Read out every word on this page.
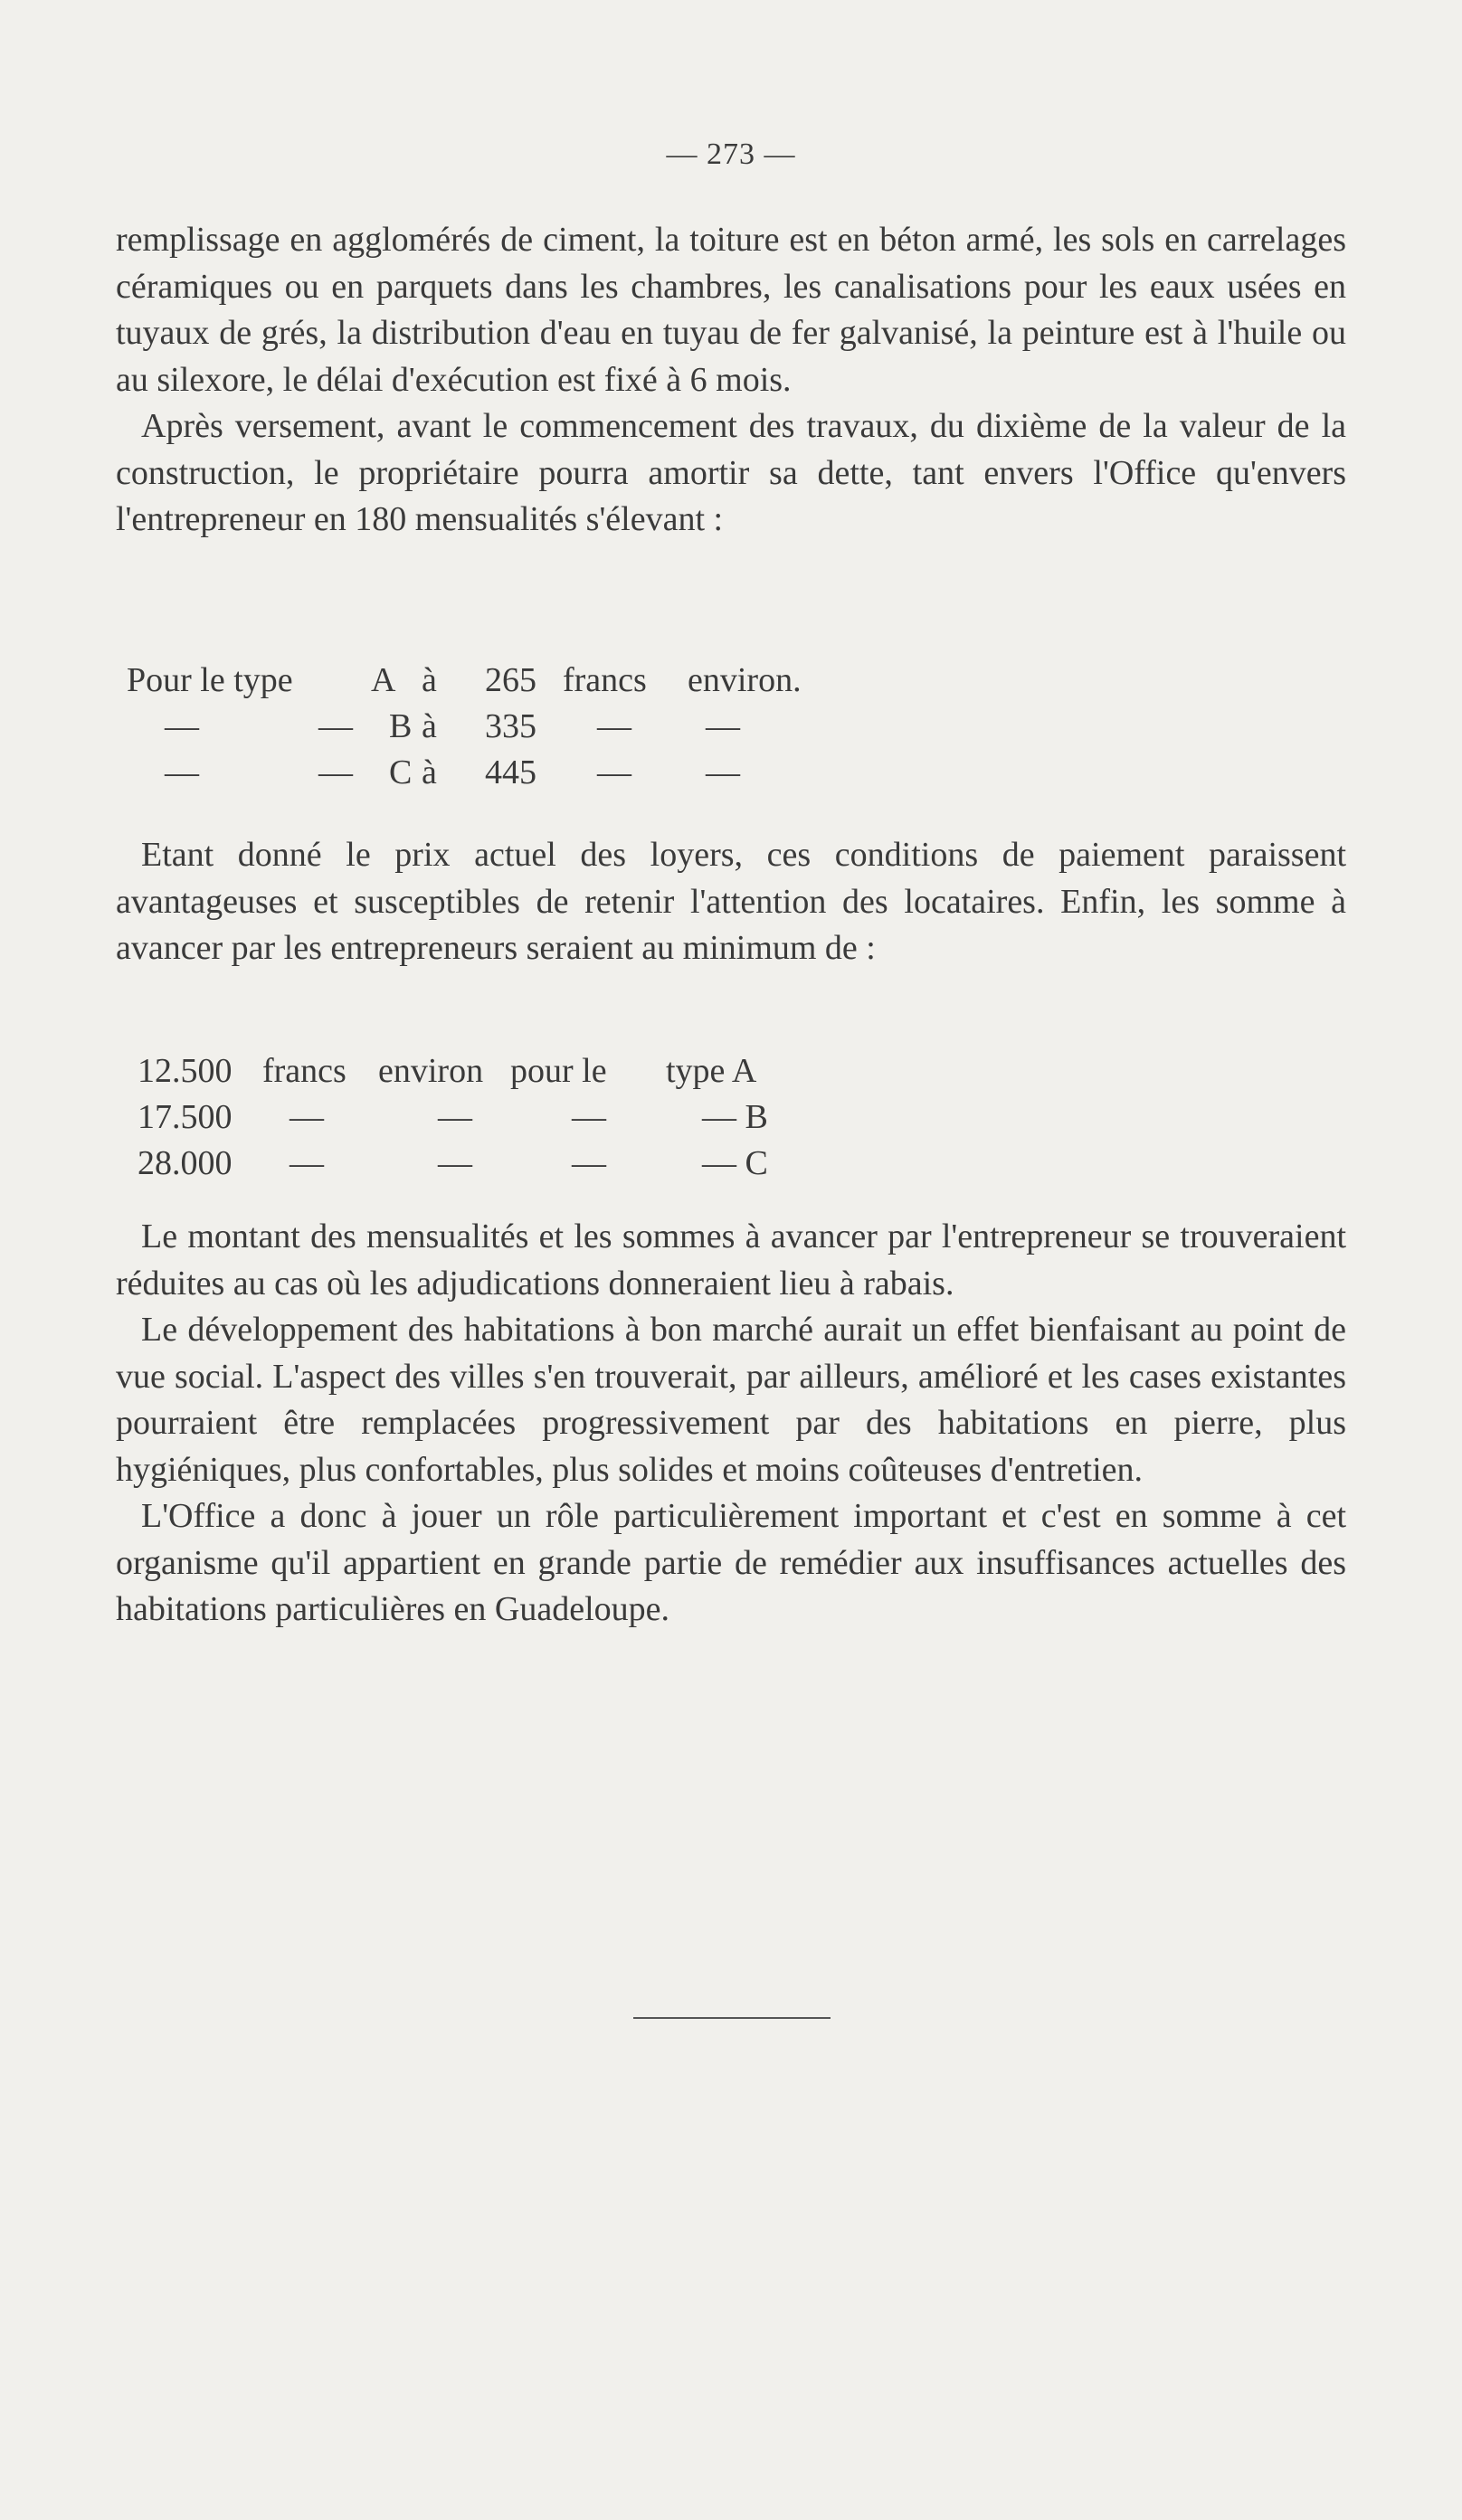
— 273 —

remplissage en agglomérés de ciment, la toiture est en béton armé, les sols en carrelages céramiques ou en parquets dans les chambres, les canalisations pour les eaux usées en tuyaux de grés, la distribution d'eau en tuyau de fer galvanisé, la peinture est à l'huile ou au silexore, le délai d'exécution est fixé à 6 mois.

Après versement, avant le commencement des travaux, du dixième de la valeur de la construction, le propriétaire pourra amortir sa dette, tant envers l'Office qu'envers l'entrepreneur en 180 mensualités s'élevant :

Pour le type A à 265 francs environ.
—	— B à 335 — —
—	— C à 445 — —

Etant donné le prix actuel des loyers, ces conditions de paiement paraissent avantageuses et susceptibles de retenir l'attention des locataires. Enfin, les somme à avancer par les entrepreneurs seraient au minimum de :

12.500 francs environ pour le type A
17.500 —	—	—	— B
28.000 —	—	—	— C

Le montant des mensualités et les sommes à avancer par l'entrepreneur se trouveraient réduites au cas où les adjudications donneraient lieu à rabais.

Le développement des habitations à bon marché aurait un effet bienfaisant au point de vue social. L'aspect des villes s'en trouverait, par ailleurs, amélioré et les cases existantes pourraient être remplacées progressivement par des habitations en pierre, plus hygiéniques, plus confortables, plus solides et moins coûteuses d'entretien.

L'Office a donc à jouer un rôle particulièrement important et c'est en somme à cet organisme qu'il appartient en grande partie de remédier aux insuffisances actuelles des habitations particulières en Guadeloupe.
